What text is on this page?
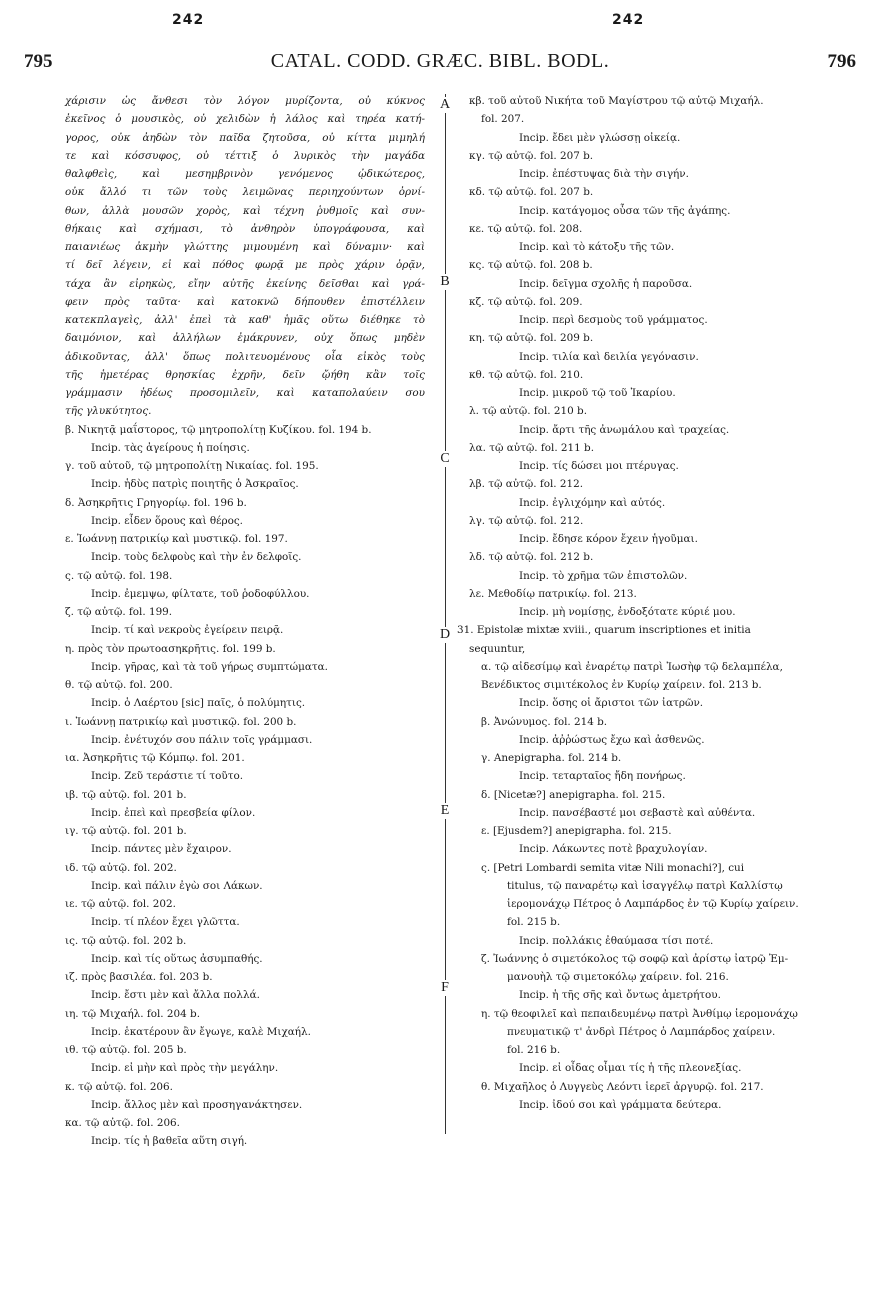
242	242
795	CATAL. CODD. GRÆC. BIBL. BODL.	796
A
B
C
D
E
F
χάρισιν ὡς ἄνθεσι τὸν λόγον μυρίζοντα, οὐ κύκνος
ἐκεῖνος ὁ μουσικὸς, οὐ χελιδὼν ἡ λάλος καὶ τηρέα κατή-
γορος, οὐκ ἀηδὼν τὸν παῖδα ζητοῦσα, οὐ κίττα μιμηλή
τε καὶ κόσσυφος, οὐ τέττιξ ὁ λυρικὸς τὴν μαγάδα
θαλφθεὶς, καὶ μεσημβρινὸν γενόμενος ᾠδικώτερος,
οὐκ ἄλλό τι τῶν τοὺς λειμῶνας περιηχούντων ὀρνί-
θων, ἀλλὰ μουσῶν χορὸς, καὶ τέχνη ῥυθμοῖς καὶ συν-
θήκαις καὶ σχήμασι, τὸ ἀνθηρὸν ὑπογράφουσα, καὶ
παιανιέως ἀκμὴν γλώττης μιμουμένη καὶ δύναμιν· καὶ
τί δεῖ λέγειν, εἰ καὶ πόθος φωρᾷ με πρὸς χάριν ὁρᾷν,
τάχα ἂν εἰρηκὼς, εἴην αὐτῆς ἐκείνης δεῖσθαι καὶ γρά-
φειν πρὸς ταῦτα· καὶ κατοκνῶ δήπουθεν ἐπιστέλλειν
κατεκπλαγεὶς, ἀλλ' ἐπεὶ τὰ καθ' ἡμᾶς οὕτω διέθηκε τὸ
δαιμόνιον, καὶ ἀλλήλων ἐμάκρυνεν, οὐχ ὅπως μηδὲν
ἀδικοῦντας, ἀλλ' ὅπως πολιτευομένους οἷα εἰκὸς τοὺς
τῆς ἡμετέρας θρησκίας ἐχρῆν, δεῖν ᾤήθη κἂν τοῖς
γράμμασιν ἡδέως προσομιλεῖν, καὶ καταπολαύειν σου
τῆς γλυκύτητος.
β. Νικητᾷ μαΐστορος, τῷ μητροπολίτῃ Κυζίκου. fol. 194 b.
Incip. τὰς ἀγείρους ἡ ποίησις.
γ. τοῦ αὐτοῦ, τῷ μητροπολίτῃ Νικαίας. fol. 195.
Incip. ἡδὺς πατρὶς ποιητῆς ὁ Ἀσκραῖος.
δ. Ἀσηκρῆτις Γρηγορίῳ. fol. 196 b.
Incip. εἶδεν ὅρους καὶ θέρος.
ε. Ἰωάννῃ πατρικίῳ καὶ μυστικῷ. fol. 197.
Incip. τοὺς δελφοὺς καὶ τὴν ἐν δελφοῖς.
ς. τῷ αὐτῷ. fol. 198.
Incip. ἐμεμψω, φίλτατε, τοῦ ῥοδοφύλλου.
ζ. τῷ αὐτῷ. fol. 199.
Incip. τί καὶ νεκροὺς ἐγείρειν πειρᾷ.
η. πρὸς τὸν πρωτοασηκρῆτις. fol. 199 b.
Incip. γῆρας, καὶ τὰ τοῦ γήρως συμπτώματα.
θ. τῷ αὐτῷ. fol. 200.
Incip. ὁ Λαέρτου [sic] παῖς, ὁ πολύμητις.
ι. Ἰωάννῃ πατρικίῳ καὶ μυστικῷ. fol. 200 b.
Incip. ἐνέτυχόν σου πάλιν τοῖς γράμμασι.
ια. Ἀσηκρῆτις τῷ Κόμπῳ. fol. 201.
Incip. Ζεῦ τεράστιε τί τοῦτο.
ιβ. τῷ αὐτῷ. fol. 201 b.
Incip. ἐπεὶ καὶ πρεσβεία φίλον.
ιγ. τῷ αὐτῷ. fol. 201 b.
Incip. πάντες μὲν ἔχαιρον.
ιδ. τῷ αὐτῷ. fol. 202.
Incip. καὶ πάλιν ἐγὼ σοι Λάκων.
ιε. τῷ αὐτῷ. fol. 202.
Incip. τί πλέον ἔχει γλῶττα.
ις. τῷ αὐτῷ. fol. 202 b.
Incip. καὶ τίς οὕτως ἀσυμπαθής.
ιζ. πρὸς βασιλέα. fol. 203 b.
Incip. ἔστι μὲν καὶ ἄλλα πολλά.
ιη. τῷ Μιχαήλ. fol. 204 b.
Incip. ἑκατέρουν ἂν ἔγωγε, καλὲ Μιχαήλ.
ιθ. τῷ αὐτῷ. fol. 205 b.
Incip. εἰ μὴν καὶ πρὸς τὴν μεγάλην.
κ. τῷ αὐτῷ. fol. 206.
Incip. ἄλλος μὲν καὶ προσηγανάκτησεν.
κα. τῷ αὐτῷ. fol. 206.
Incip. τίς ἡ βαθεῖα αὕτη σιγή.
κβ. τοῦ αὐτοῦ Νικήτα τοῦ Μαγίστρου τῷ αὐτῷ Μιχαήλ.
fol. 207.
Incip. ἔδει μὲν γλώσσῃ οἰκείᾳ.
κγ. τῷ αὐτῷ. fol. 207 b.
Incip. ἐπέστυψας διὰ τὴν σιγήν.
κδ. τῷ αὐτῷ. fol. 207 b.
Incip. κατάγομος οὖσα τῶν τῆς ἀγάπης.
κε. τῷ αὐτῷ. fol. 208.
Incip. καὶ τὸ κάτοξυ τῆς τῶν.
κς. τῷ αὐτῷ. fol. 208 b.
Incip. δεῖγμα σχολῆς ἡ παροῦσα.
κζ. τῷ αὐτῷ. fol. 209.
Incip. περὶ δεσμοὺς τοῦ γράμματος.
κη. τῷ αὐτῷ. fol. 209 b.
Incip. τιλία καὶ δειλία γεγόνασιν.
κθ. τῷ αὐτῷ. fol. 210.
Incip. μικροῦ τῷ τοῦ Ἰκαρίου.
λ. τῷ αὐτῷ. fol. 210 b.
Incip. ἄρτι τῆς ἀνωμάλου καὶ τραχείας.
λα. τῷ αὐτῷ. fol. 211 b.
Incip. τίς δώσει μοι πτέρυγας.
λβ. τῷ αὐτῷ. fol. 212.
Incip. ἐγλιχόμην καὶ αὐτός.
λγ. τῷ αὐτῷ. fol. 212.
Incip. ἔδησε κόρον ἔχειν ἡγοῦμαι.
λδ. τῷ αὐτῷ. fol. 212 b.
Incip. τὸ χρῆμα τῶν ἐπιστολῶν.
λε. Μεθοδίῳ πατρικίῳ. fol. 213.
Incip. μὴ νομίσῃς, ἐνδοξότατε κύριέ μου.
31. Epistolæ mixtæ xviii., quarum inscriptiones et initia
sequuntur,
α. τῷ αἰδεσίμῳ καὶ ἐναρέτῳ πατρὶ Ἰωσὴφ τῷ δελαμπέλα,
Βενέδικτος σιμιτέκολος ἐν Κυρίῳ χαίρειν. fol. 213 b.
Incip. ὅσης οἱ ἄριστοι τῶν ἰατρῶν.
β. Ἀνώνυμος. fol. 214 b.
Incip. ἀῤῥώστως ἔχω καὶ ἀσθενῶς.
γ. Anepigrapha. fol. 214 b.
Incip. τεταρταῖος ἤδη πονήρως.
δ. [Nicetæ?] anepigrapha. fol. 215.
Incip. πανσέβαστέ μοι σεβαστὲ καὶ αὐθέντα.
ε. [Ejusdem?] anepigrapha. fol. 215.
Incip. Λάκωντες ποτὲ βραχυλογίαν.
ς. [Petri Lombardi semita vitæ Nili monachi?], cui
titulus, τῷ παναρέτῳ καὶ ἰσαγγέλῳ πατρὶ Καλλίστῳ
ἱερομονάχῳ Πέτρος ὁ Λαμπάρδος ἐν τῷ Κυρίῳ χαίρειν.
fol. 215 b.
Incip. πολλάκις ἐθαύμασα τίσι ποτέ.
ζ. Ἰωάννης ὁ σιμετόκολος τῷ σοφῷ καὶ ἀρίστῳ ἰατρῷ Ἐμ-
μανουὴλ τῷ σιμετοκόλῳ χαίρειν. fol. 216.
Incip. ἡ τῆς σῆς καὶ ὄντως ἀμετρήτου.
η. τῷ θεοφιλεῖ καὶ πεπαιδευμένῳ πατρὶ Ἀνθίμῳ ἱερομονάχῳ
πνευματικῷ τ' ἀνδρὶ Πέτρος ὁ Λαμπάρδος χαίρειν.
fol. 216 b.
Incip. εἰ οἶδας οἶμαι τίς ἡ τῆς πλεονεξίας.
θ. Μιχαῆλος ὁ Λυγγεὺς Λεόντι ἱερεῖ ἀργυρῷ. fol. 217.
Incip. ἰδού σοι καὶ γράμματα δεύτερα.
